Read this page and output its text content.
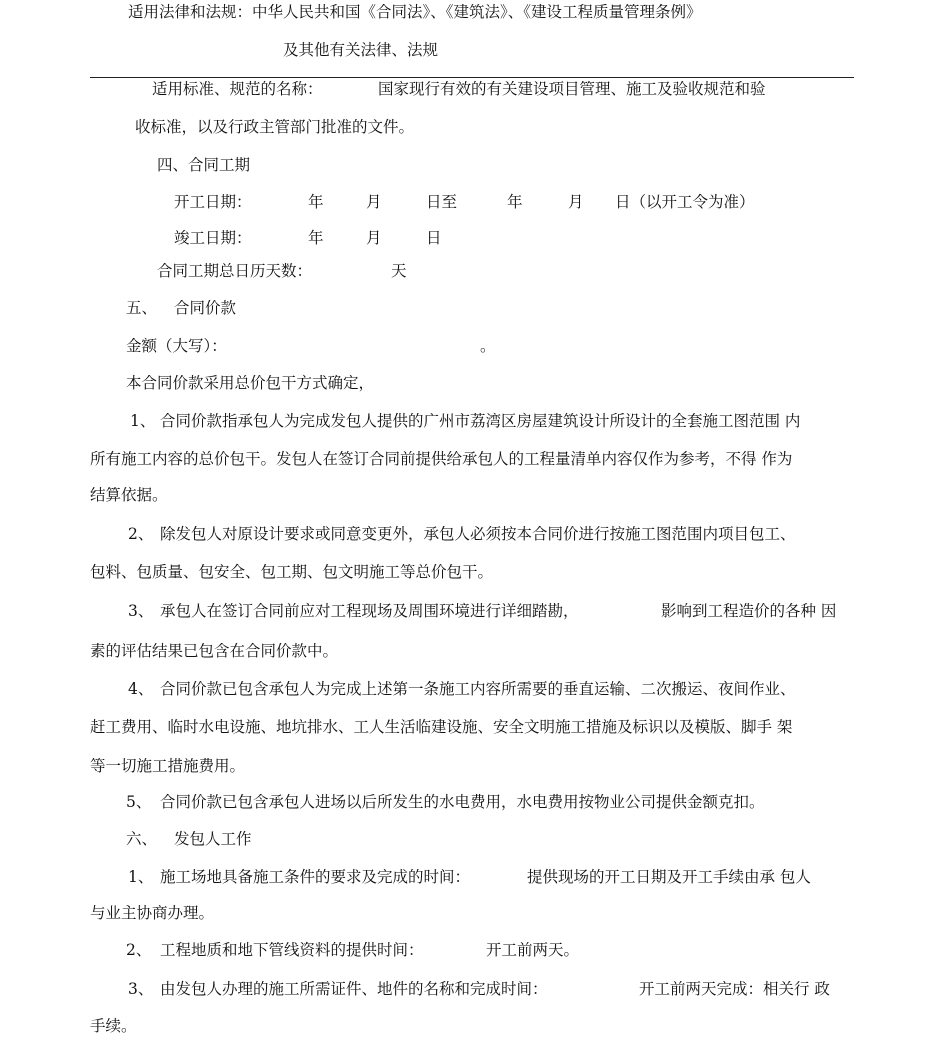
适用法律和法规：中华人民共和国《合同法》、《建筑法》、《建设工程质量管理条例》
及其他有关法律、法规
适用标准、规范的名称：	国家现行有效的有关建设项目管理、施工及验收规范和验
收标准，以及行政主管部门批准的文件。
四、合同工期
开工日期：	年	月	日至	年	月 日（以开工令为准）
竣工日期：	年	月	日
合同工期总日历天数：	天
五、 合同价款
金额（大写）：	。
本合同价款采用总价包干方式确定，
1、 合同价款指承包人为完成发包人提供的广州市荔湾区房屋建筑设计所设计的全套施工图范围 内
所有施工内容的总价包干。发包人在签订合同前提供给承包人的工程量清单内容仅作为参考，不得 作为
结算依据。
2、 除发包人对原设计要求或同意变更外，承包人必须按本合同价进行按施工图范围内项目包工、
包料、包质量、包安全、包工期、包文明施工等总价包干。
3、 承包人在签订合同前应对工程现场及周围环境进行详细踏勘，	影响到工程造价的各种 因
素的评估结果已包含在合同价款中。
4、 合同价款已包含承包人为完成上述第一条施工内容所需要的垂直运输、二次搬运、夜间作业、
赶工费用、临时水电设施、地坑排水、工人生活临建设施、安全文明施工措施及标识以及模版、脚手 架
等一切施工措施费用。
5、 合同价款已包含承包人进场以后所发生的水电费用，水电费用按物业公司提供金额克扣。
六、 发包人工作
1、 施工场地具备施工条件的要求及完成的时间：	提供现场的开工日期及开工手续由承 包人
与业主协商办理。
2、 工程地质和地下管线资料的提供时间：	开工前两天。
3、 由发包人办理的施工所需证件、地件的名称和完成时间：	开工前两天完成：相关行 政
手续。
